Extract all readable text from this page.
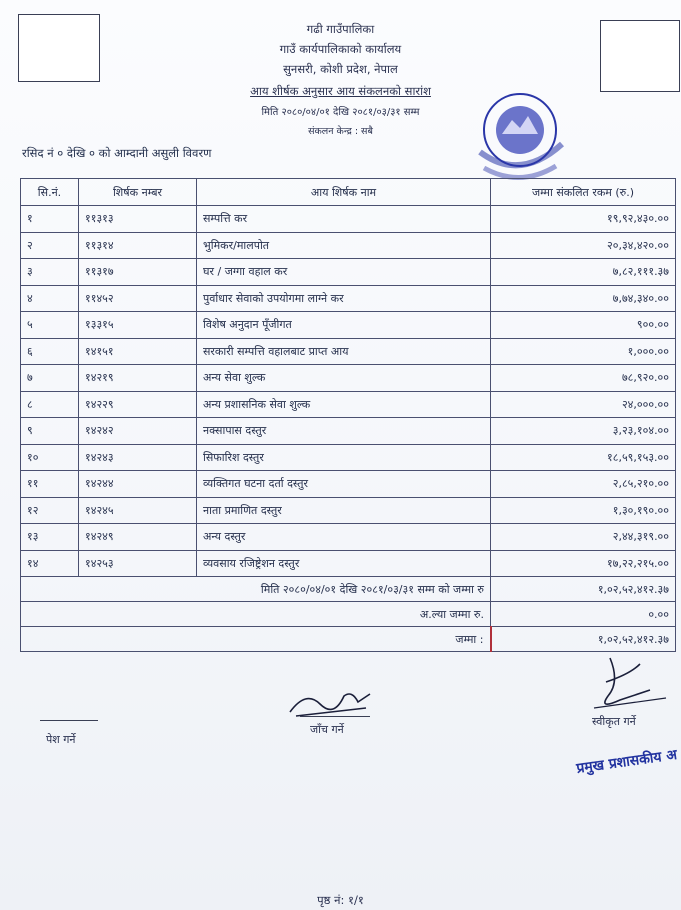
गढी गाउँपालिका
गाउँ कार्यपालिकाको कार्यालय
सुनसरी, कोशी प्रदेश, नेपाल
आय शीर्षक अनुसार आय संकलनको सारांश
मिति २०८०/०४/०१ देखि २०८१/०३/३१ सम्म
संकलन केन्द्र : सबै
रसिद नं ० देखि ० को आम्दानी असुली विवरण
सि.नं.	शिर्षक नम्बर	आय शिर्षक नाम	जम्मा संकलित रकम (रु.)
१	११३१३	सम्पत्ति कर	१९,९२,४३०.००
२	११३१४	भुमिकर/मालपोत	२०,३४,४२०.००
३	११३१७	घर / जग्गा वहाल कर	७,८२,१११.३७
४	११४५२	पुर्वाधार सेवाको उपयोगमा लाग्ने कर	७,७४,३४०.००
५	१३३१५	विशेष अनुदान पूँजीगत	९००.००
६	१४१५१	सरकारी सम्पत्ति वहालबाट प्राप्त आय	१,०००.००
७	१४२१९	अन्य सेवा शुल्क	७८,९२०.००
८	१४२२९	अन्य प्रशासनिक सेवा शुल्क	२४,०००.००
९	१४२४२	नक्सापास दस्तुर	३,२३,१०४.००
१०	१४२४३	सिफारिश दस्तुर	१८,५९,१५३.००
११	१४२४४	व्यक्तिगत घटना दर्ता दस्तुर	२,८५,२१०.००
१२	१४२४५	नाता प्रमाणित दस्तुर	१,३०,१९०.००
१३	१४२४९	अन्य दस्तुर	२,४४,३१९.००
१४	१४२५३	व्यवसाय रजिष्ट्रेशन दस्तुर	१७,२२,२१५.००
मिति २०८०/०४/०१ देखि २०८१/०३/३१ सम्म को जम्मा रु			१,०२,५२,४१२.३७
अ.ल्या जम्मा रु.			०.००
जम्मा :			१,०२,५२,४१२.३७
पेश गर्ने
जाँच गर्ने
स्वीकृत गर्ने
प्रमुख प्रशासकीय अ
पृष्ठ नं: १/१
